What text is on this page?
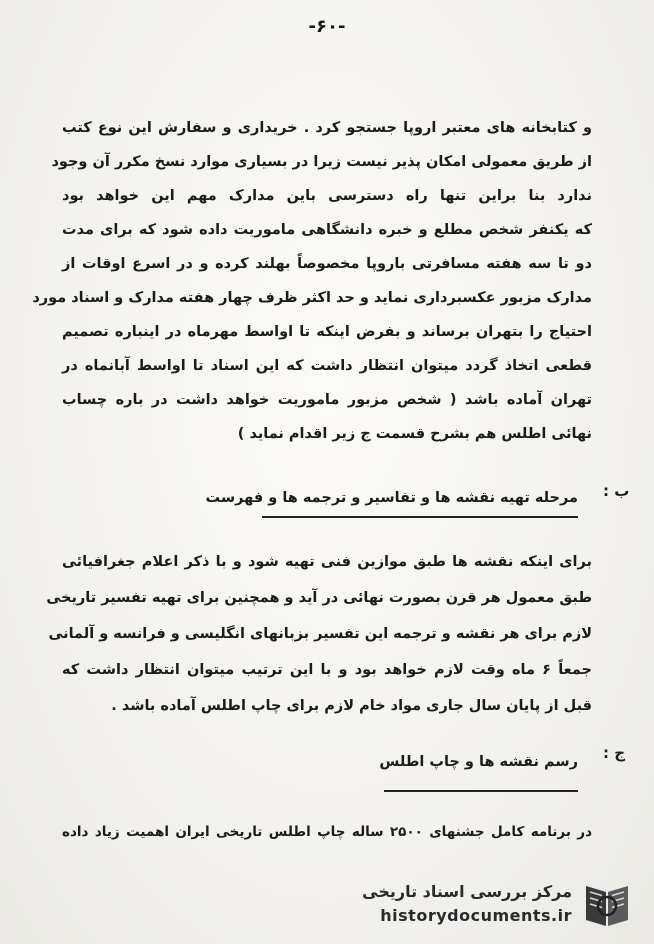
-۶۰-
و کتابخانه های معتبر اروپا جستجو کرد . خریداری و سفارش این نوع کتب
از طریق معمولی امکان پذیر نیست زیرا در بسیاری موارد نسخ مکرر آن وجود
ندارد بنا براین تنها راه دسترسی باین مدارک مهم این خواهد بود
که یکنفر شخص مطلع و خبره دانشگاهی ماموریت داده شود که برای مدت
دو تا سه هفته مسافرتی باروپا مخصوصاً بهلند کرده و در اسرع اوقات از
مدارک مزبور عکسبرداری نماید و حد اکثر ظرف چهار هفته مدارک و اسناد مورد
احتیاج را بتهران برساند و بفرض اینکه تا اواسط مهرماه در اینباره تصمیم
قطعی اتخاذ گردد میتوان انتظار داشت که این اسناد تا اواسط آبانماه در
تهران آماده باشد ( شخص مزبور ماموریت خواهد داشت در باره چساب
نهائی اطلس هم بشرح قسمت ج زیر اقدام نماید )
ب :
مرحله تهیه نقشه ها و تفاسیر و ترجمه ها و فهرست
برای اینکه نقشه ها طبق موازین فنی تهیه شود و با ذکر اعلام جغرافیائی
طبق معمول هر قرن بصورت نهائی در آید و همچنین برای تهیه تفسیر تاریخی
لازم برای هر نقشه و ترجمه این تفسیر بزبانهای انگلیسی و فرانسه و آلمانی
جمعاً ۶ ماه وقت لازم خواهد بود و با این ترتیب میتوان انتظار داشت که
قبل از پایان سال جاری مواد خام لازم برای چاپ اطلس آماده باشد .
ج :
رسم نقشه ها و چاپ اطلس
در برنامه کامل جشنهای ۲۵۰۰ ساله چاپ اطلس تاریخی ایران اهمیت زیاد داده
مرکز بررسی اسناد تاریخی
historydocuments.ir
